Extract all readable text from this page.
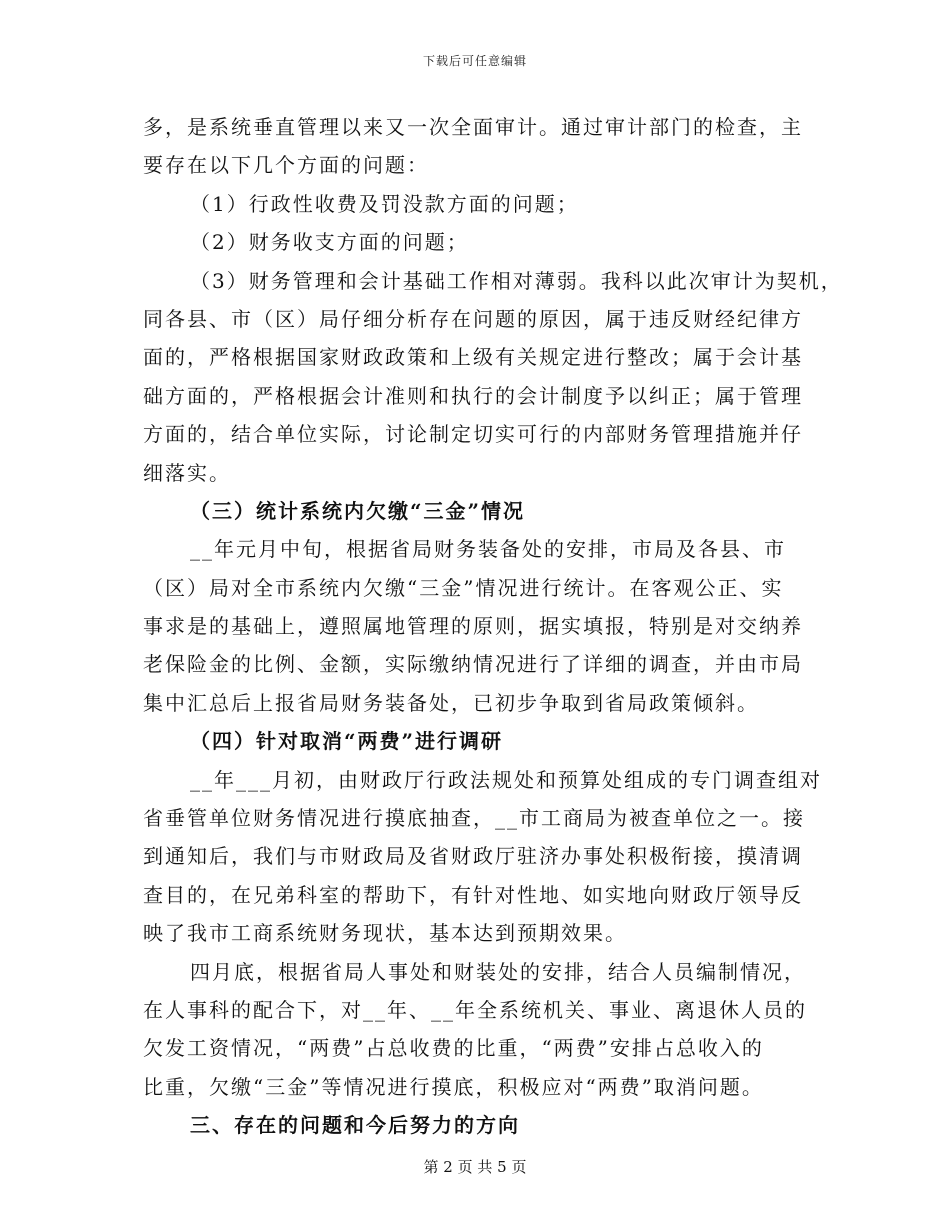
下载后可任意编辑
多，是系统垂直管理以来又一次全面审计。通过审计部门的检查，主
要存在以下几个方面的问题：
（1）行政性收费及罚没款方面的问题；
（2）财务收支方面的问题；
（3）财务管理和会计基础工作相对薄弱。我科以此次审计为契机，
同各县、市（区）局仔细分析存在问题的原因，属于违反财经纪律方
面的，严格根据国家财政政策和上级有关规定进行整改；属于会计基
础方面的，严格根据会计准则和执行的会计制度予以纠正；属于管理
方面的，结合单位实际，讨论制定切实可行的内部财务管理措施并仔
细落实。
（三）统计系统内欠缴“三金”情况
__年元月中旬，根据省局财务装备处的安排，市局及各县、市
（区）局对全市系统内欠缴“三金”情况进行统计。在客观公正、实
事求是的基础上，遵照属地管理的原则，据实填报，特别是对交纳养
老保险金的比例、金额，实际缴纳情况进行了详细的调查，并由市局
集中汇总后上报省局财务装备处，已初步争取到省局政策倾斜。
（四）针对取消“两费”进行调研
__年___月初，由财政厅行政法规处和预算处组成的专门调查组对
省垂管单位财务情况进行摸底抽查，__市工商局为被查单位之一。接
到通知后，我们与市财政局及省财政厅驻济办事处积极衔接，摸清调
查目的，在兄弟科室的帮助下，有针对性地、如实地向财政厅领导反
映了我市工商系统财务现状，基本达到预期效果。
四月底，根据省局人事处和财装处的安排，结合人员编制情况，
在人事科的配合下，对__年、__年全系统机关、事业、离退休人员的
欠发工资情况，“两费”占总收费的比重，“两费”安排占总收入的
比重，欠缴“三金”等情况进行摸底，积极应对“两费”取消问题。
三、存在的问题和今后努力的方向
第 2 页 共 5 页
